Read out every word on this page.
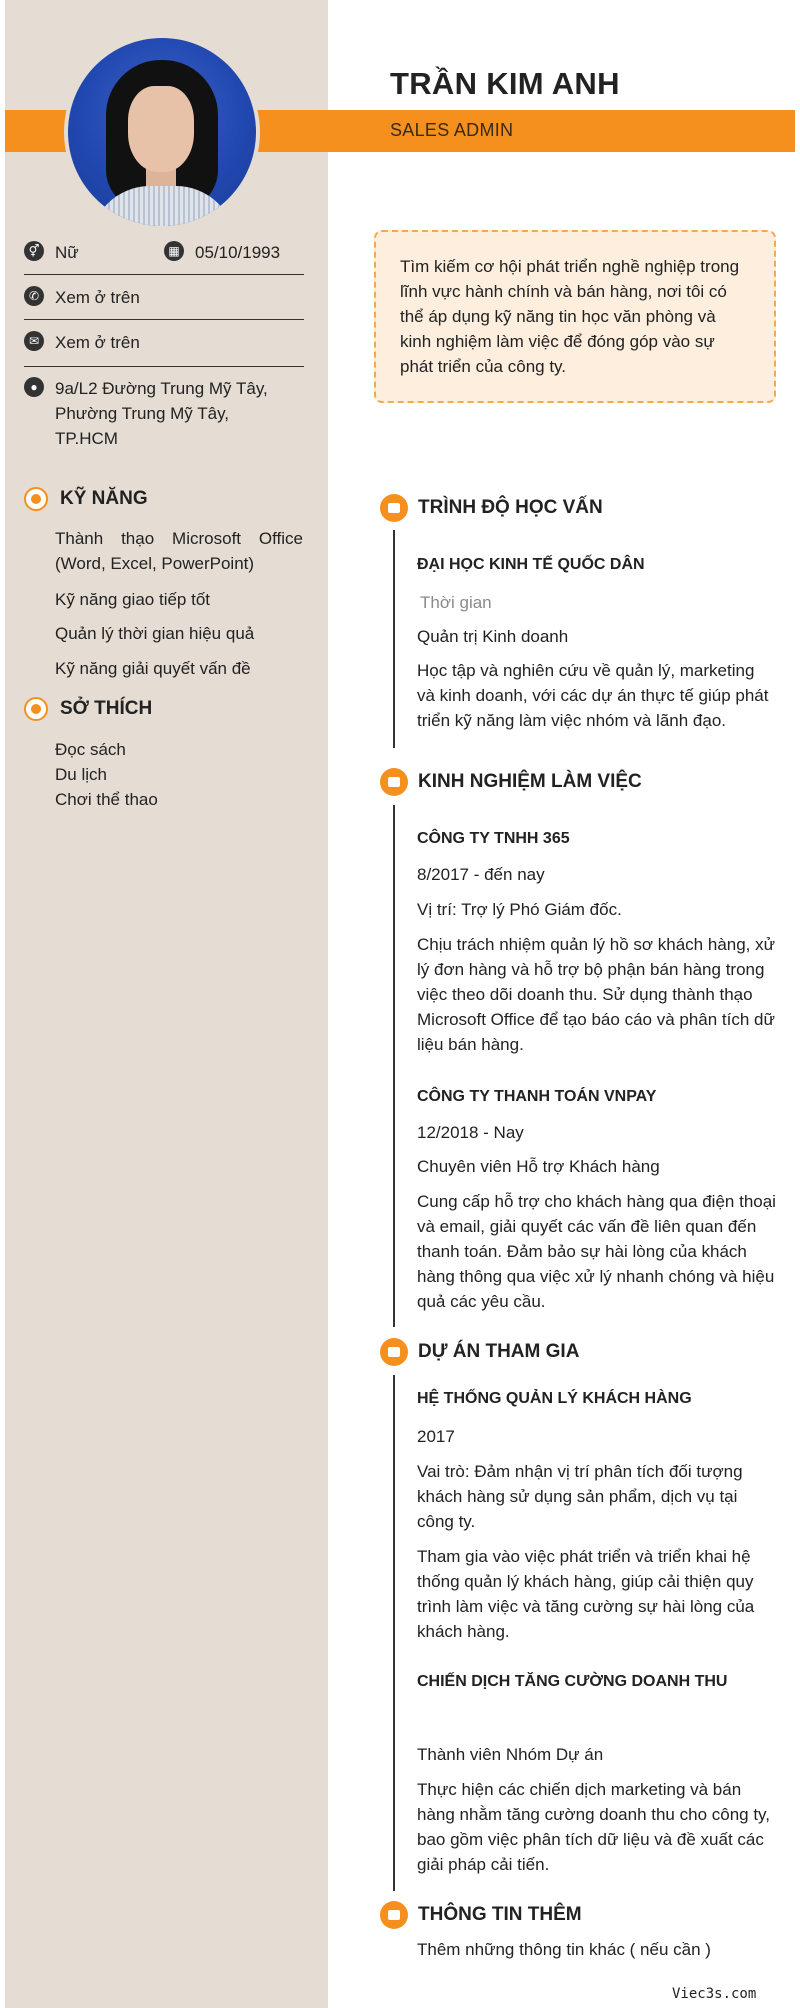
TRẦN KIM ANH
SALES ADMIN
⚥ Nữ	▦ 05/10/1993
✆ Xem ở trên
✉ Xem ở trên
●	9a/L2 Đường Trung Mỹ Tây, Phường Trung Mỹ Tây, TP.HCM
KỸ NĂNG
Thành thạo Microsoft Office (Word, Excel, PowerPoint)
Kỹ năng giao tiếp tốt
Quản lý thời gian hiệu quả
Kỹ năng giải quyết vấn đề
SỞ THÍCH
Đọc sách
Du lịch
Chơi thể thao
Tìm kiếm cơ hội phát triển nghề nghiệp trong lĩnh vực hành chính và bán hàng, nơi tôi có thể áp dụng kỹ năng tin học văn phòng và kinh nghiệm làm việc để đóng góp vào sự phát triển của công ty.
TRÌNH ĐỘ HỌC VẤN
ĐẠI HỌC KINH TẾ QUỐC DÂN
Thời gian
Quản trị Kinh doanh
Học tập và nghiên cứu về quản lý, marketing và kinh doanh, với các dự án thực tế giúp phát triển kỹ năng làm việc nhóm và lãnh đạo.
KINH NGHIỆM LÀM VIỆC
CÔNG TY TNHH 365
8/2017 - đến nay
Vị trí: Trợ lý Phó Giám đốc.
Chịu trách nhiệm quản lý hồ sơ khách hàng, xử lý đơn hàng và hỗ trợ bộ phận bán hàng trong việc theo dõi doanh thu. Sử dụng thành thạo Microsoft Office để tạo báo cáo và phân tích dữ liệu bán hàng.
CÔNG TY THANH TOÁN VNPAY
12/2018 - Nay
Chuyên viên Hỗ trợ Khách hàng
Cung cấp hỗ trợ cho khách hàng qua điện thoại và email, giải quyết các vấn đề liên quan đến thanh toán. Đảm bảo sự hài lòng của khách hàng thông qua việc xử lý nhanh chóng và hiệu quả các yêu cầu.
DỰ ÁN THAM GIA
HỆ THỐNG QUẢN LÝ KHÁCH HÀNG
2017
Vai trò: Đảm nhận vị trí phân tích đối tượng khách hàng sử dụng sản phẩm, dịch vụ tại công ty.
Tham gia vào việc phát triển và triển khai hệ thống quản lý khách hàng, giúp cải thiện quy trình làm việc và tăng cường sự hài lòng của khách hàng.
CHIẾN DỊCH TĂNG CƯỜNG DOANH THU
Thành viên Nhóm Dự án
Thực hiện các chiến dịch marketing và bán hàng nhằm tăng cường doanh thu cho công ty, bao gồm việc phân tích dữ liệu và đề xuất các giải pháp cải tiến.
THÔNG TIN THÊM
Thêm những thông tin khác ( nếu cần )
Viec3s.com
